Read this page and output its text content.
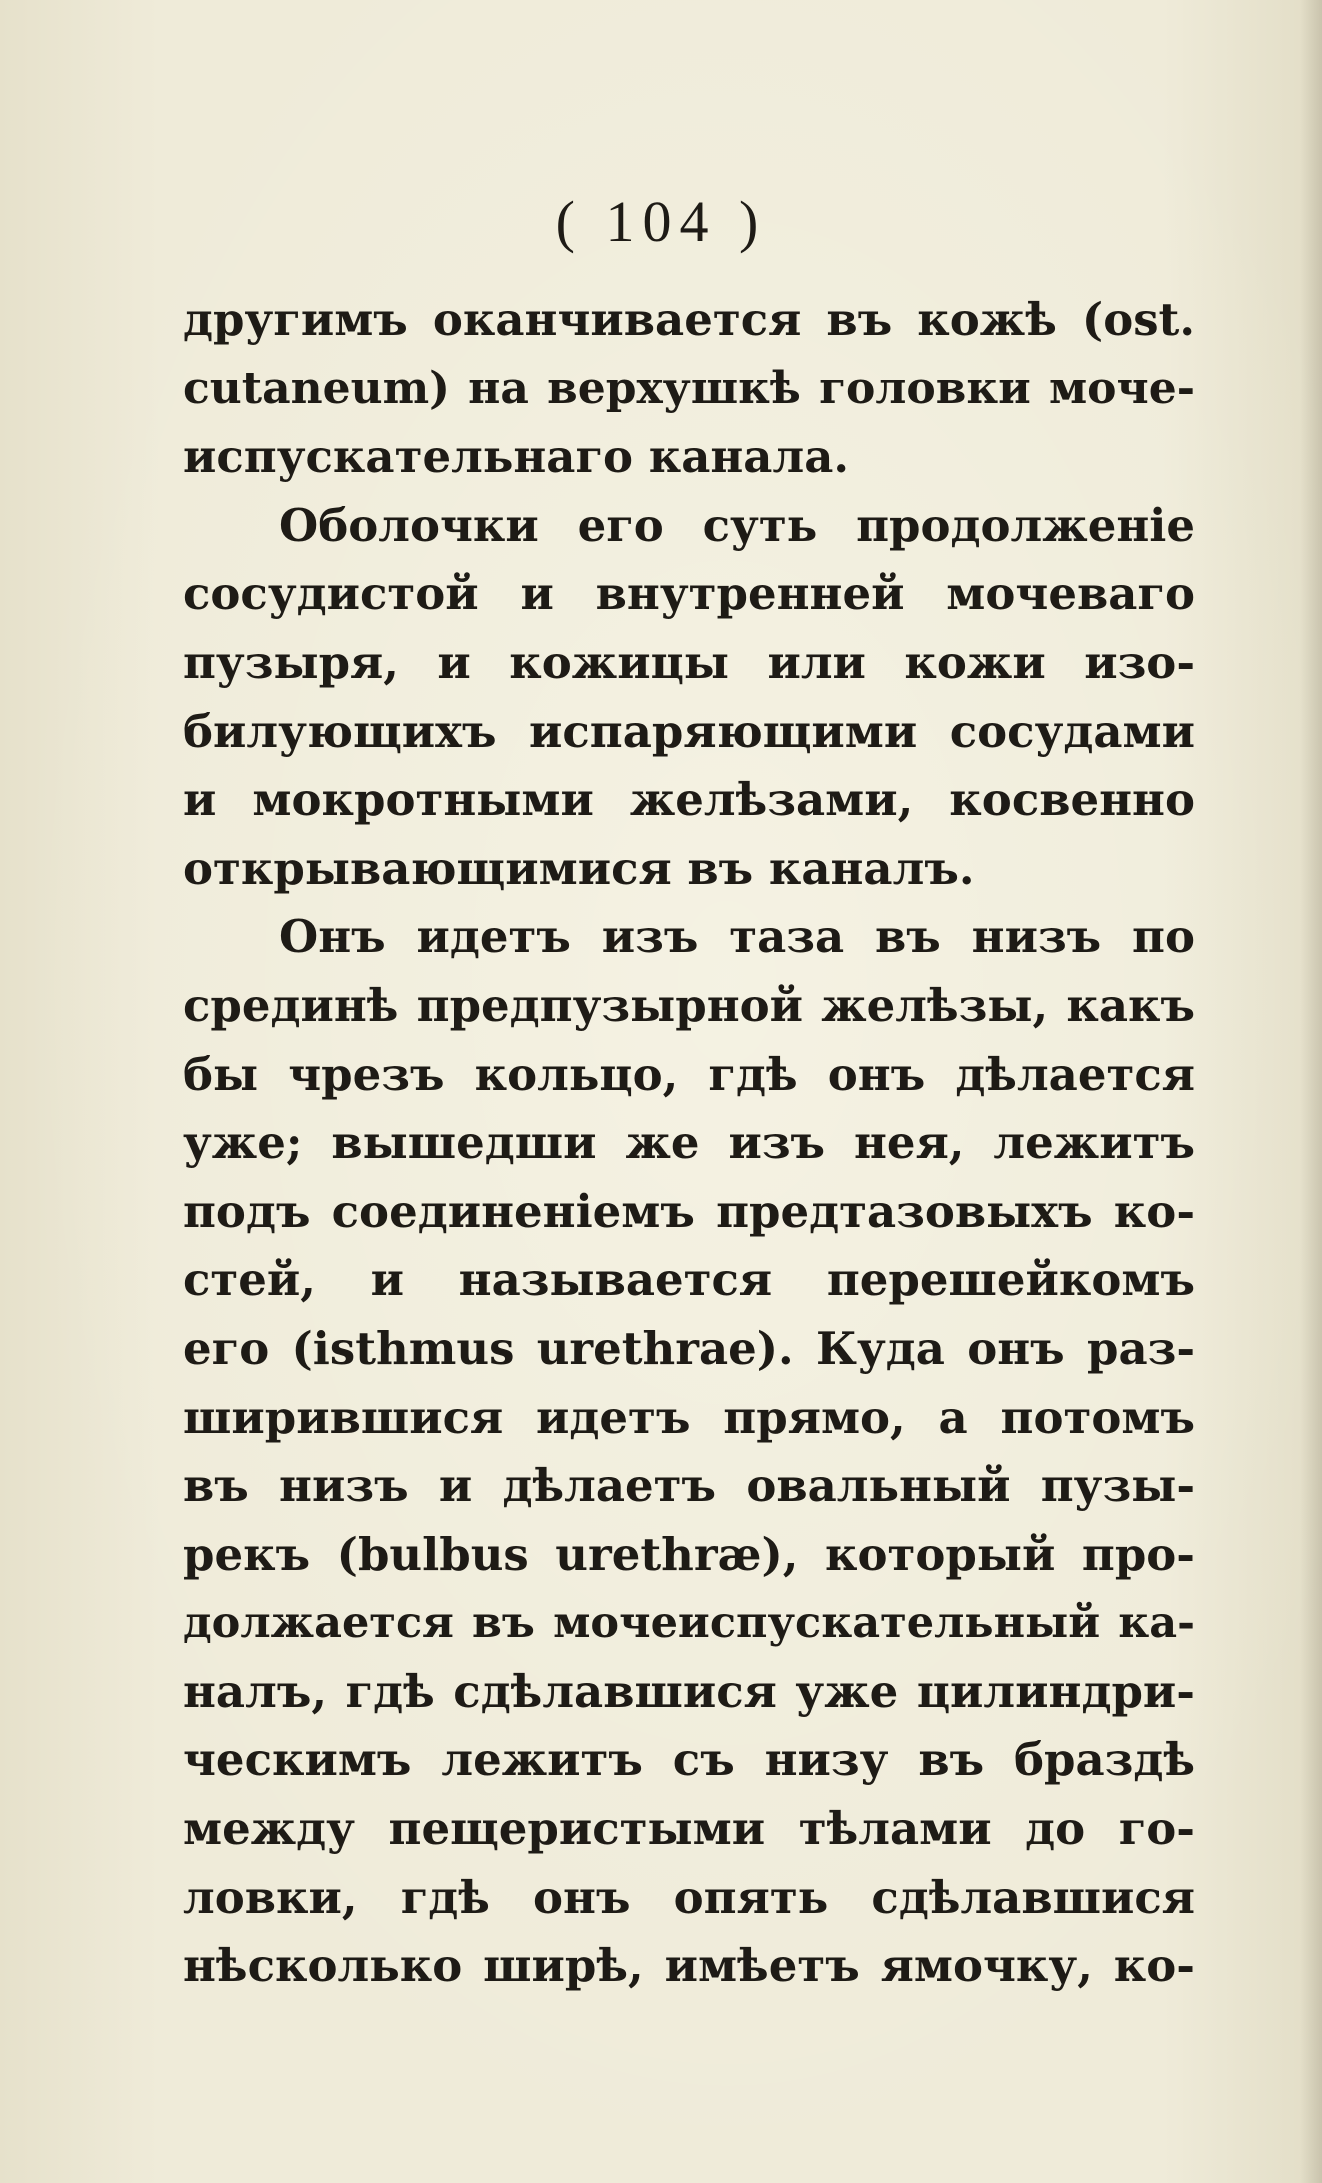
( 104 )
другимъ оканчивается въ кожѣ (ost.
cutaneum) на верхушкѣ головки моче-
испускательнаго канала.
Оболочки его суть продолженіе
сосудистой и внутренней мочеваго
пузыря, и кожицы или кожи изо-
билующихъ испаряющими сосудами
и мокротными желѣзами, косвенно
открывающимися въ каналъ.
Онъ идетъ изъ таза въ низъ по
срединѣ предпузырной желѣзы, какъ
бы чрезъ кольцо, гдѣ онъ дѣлается
уже; вышедши же изъ нея, лежитъ
подъ соединеніемъ предтазовыхъ ко-
стей, и называется перешейкомъ
его (isthmus urethrae). Куда онъ раз-
ширившися идетъ прямо, а потомъ
въ низъ и дѣлаетъ овальный пузы-
рекъ (bulbus urethræ), который про-
должается въ мочеиспускательный ка-
налъ, гдѣ сдѣлавшися уже цилиндри-
ческимъ лежитъ съ низу въ браздѣ
между пещеристыми тѣлами до го-
ловки, гдѣ онъ опять сдѣлавшися
нѣсколько ширѣ, имѣетъ ямочку, ко-
